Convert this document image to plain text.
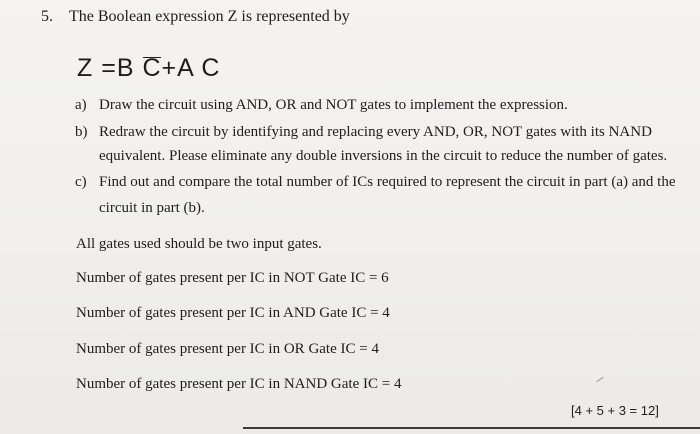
5. The Boolean expression Z is represented by
Z =B C+A C
a) Draw the circuit using AND, OR and NOT gates to implement the expression.
b) Redraw the circuit by identifying and replacing every AND, OR, NOT gates with its NAND
equivalent. Please eliminate any double inversions in the circuit to reduce the number of gates.
c) Find out and compare the total number of ICs required to represent the circuit in part (a) and the
circuit in part (b).
All gates used should be two input gates.
Number of gates present per IC in NOT Gate IC = 6
Number of gates present per IC in AND Gate IC = 4
Number of gates present per IC in OR Gate IC = 4
Number of gates present per IC in NAND Gate IC = 4
[4 + 5 + 3 = 12]
